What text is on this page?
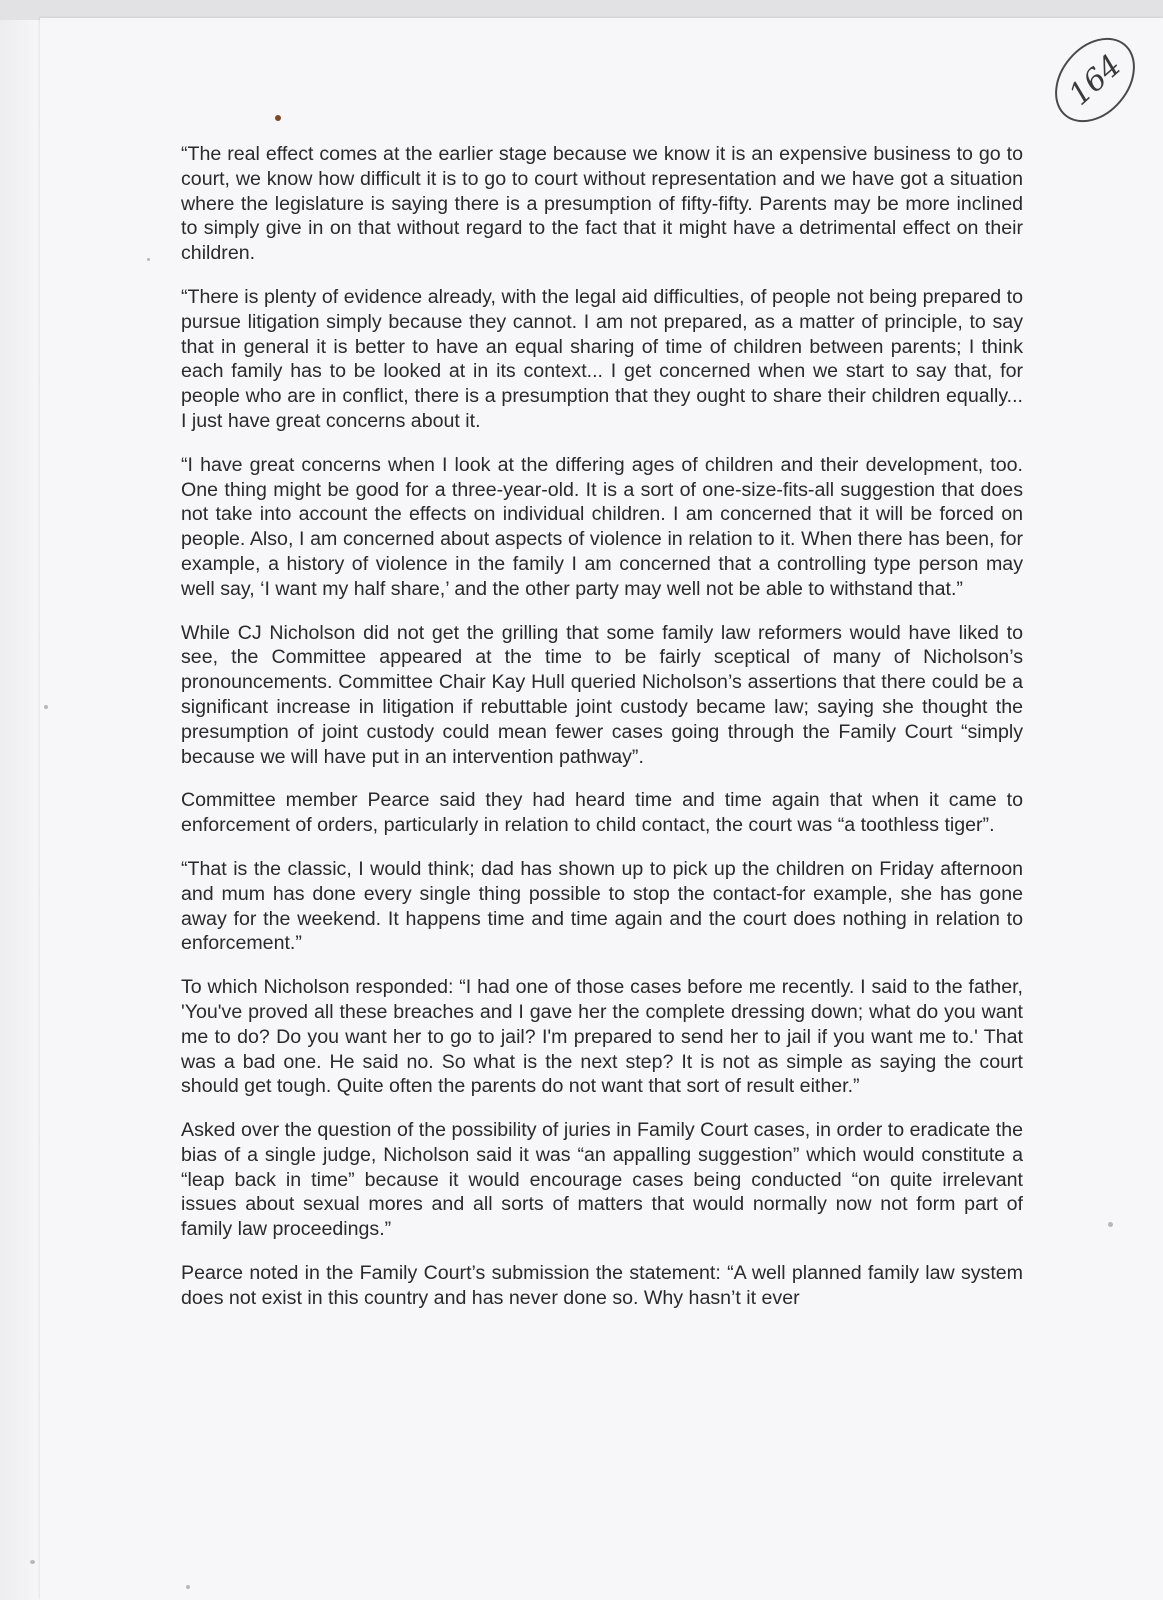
164

“The real effect comes at the earlier stage because we know it is an expensive business to go to court, we know how difficult it is to go to court without representation and we have got a situation where the legislature is saying there is a presumption of fifty-fifty. Parents may be more inclined to simply give in on that without regard to the fact that it might have a detrimental effect on their children.

“There is plenty of evidence already, with the legal aid difficulties, of people not being prepared to pursue litigation simply because they cannot. I am not prepared, as a matter of principle, to say that in general it is better to have an equal sharing of time of children between parents; I think each family has to be looked at in its context... I get concerned when we start to say that, for people who are in conflict, there is a presumption that they ought to share their children equally... I just have great concerns about it.

“I have great concerns when I look at the differing ages of children and their development, too. One thing might be good for a three-year-old. It is a sort of one-size-fits-all suggestion that does not take into account the effects on individual children. I am concerned that it will be forced on people. Also, I am concerned about aspects of violence in relation to it. When there has been, for example, a history of violence in the family I am concerned that a controlling type person may well say, ‘I want my half share,’ and the other party may well not be able to withstand that.”

While CJ Nicholson did not get the grilling that some family law reformers would have liked to see, the Committee appeared at the time to be fairly sceptical of many of Nicholson’s pronouncements. Committee Chair Kay Hull queried Nicholson’s assertions that there could be a significant increase in litigation if rebuttable joint custody became law; saying she thought the presumption of joint custody could mean fewer cases going through the Family Court “simply because we will have put in an intervention pathway”.

Committee member Pearce said they had heard time and time again that when it came to enforcement of orders, particularly in relation to child contact, the court was “a toothless tiger”.

“That is the classic, I would think; dad has shown up to pick up the children on Friday afternoon and mum has done every single thing possible to stop the contact-for example, she has gone away for the weekend. It happens time and time again and the court does nothing in relation to enforcement.”

To which Nicholson responded: “I had one of those cases before me recently. I said to the father, 'You've proved all these breaches and I gave her the complete dressing down; what do you want me to do? Do you want her to go to jail? I'm prepared to send her to jail if you want me to.' That was a bad one. He said no. So what is the next step? It is not as simple as saying the court should get tough. Quite often the parents do not want that sort of result either.”

Asked over the question of the possibility of juries in Family Court cases, in order to eradicate the bias of a single judge, Nicholson said it was “an appalling suggestion” which would constitute a “leap back in time” because it would encourage cases being conducted “on quite irrelevant issues about sexual mores and all sorts of matters that would normally now not form part of family law proceedings.”

Pearce noted in the Family Court’s submission the statement: “A well planned family law system does not exist in this country and has never done so. Why hasn’t it ever
